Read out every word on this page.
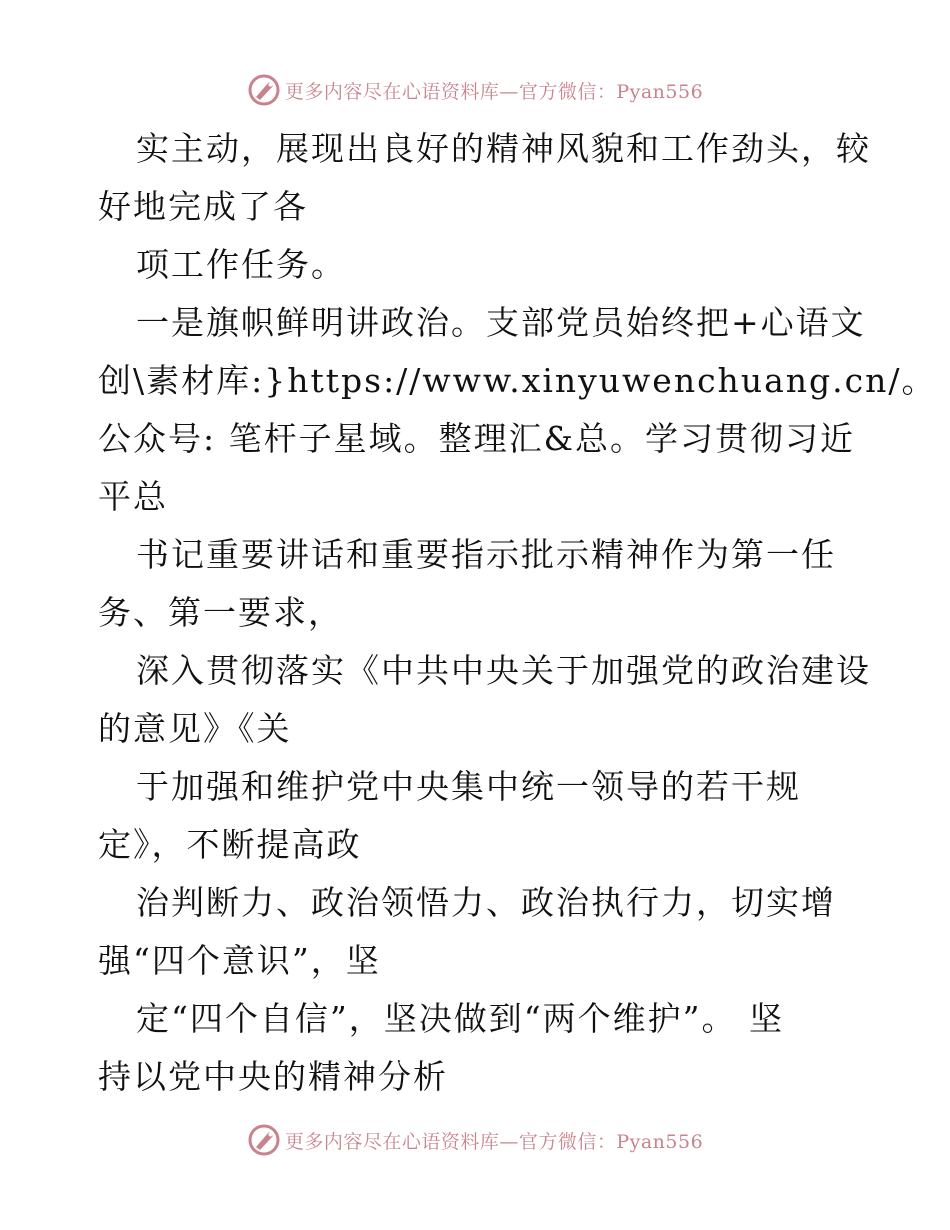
更多内容尽在心语资料库—官方微信：Pyan556
实主动，展现出良好的精神风貌和工作劲头，较
好地完成了各
项工作任务。
一是旗帜鲜明讲政治。支部党员始终把+心语文
创\素材库:}https://www.xinyuwenchuang.cn/。
公众号: 笔杆子星域。整理汇&总。学习贯彻习近
平总
书记重要讲话和重要指示批示精神作为第一任
务、第一要求，
深入贯彻落实《中共中央关于加强党的政治建设
的意见》《关
于加强和维护党中央集中统一领导的若干规
定》，不断提高政
治判断力、政治领悟力、政治执行力，切实增
强“四个意识”，坚
定“四个自信”，坚决做到“两个维护”。 坚
持以党中央的精神分析
更多内容尽在心语资料库—官方微信：Pyan556
